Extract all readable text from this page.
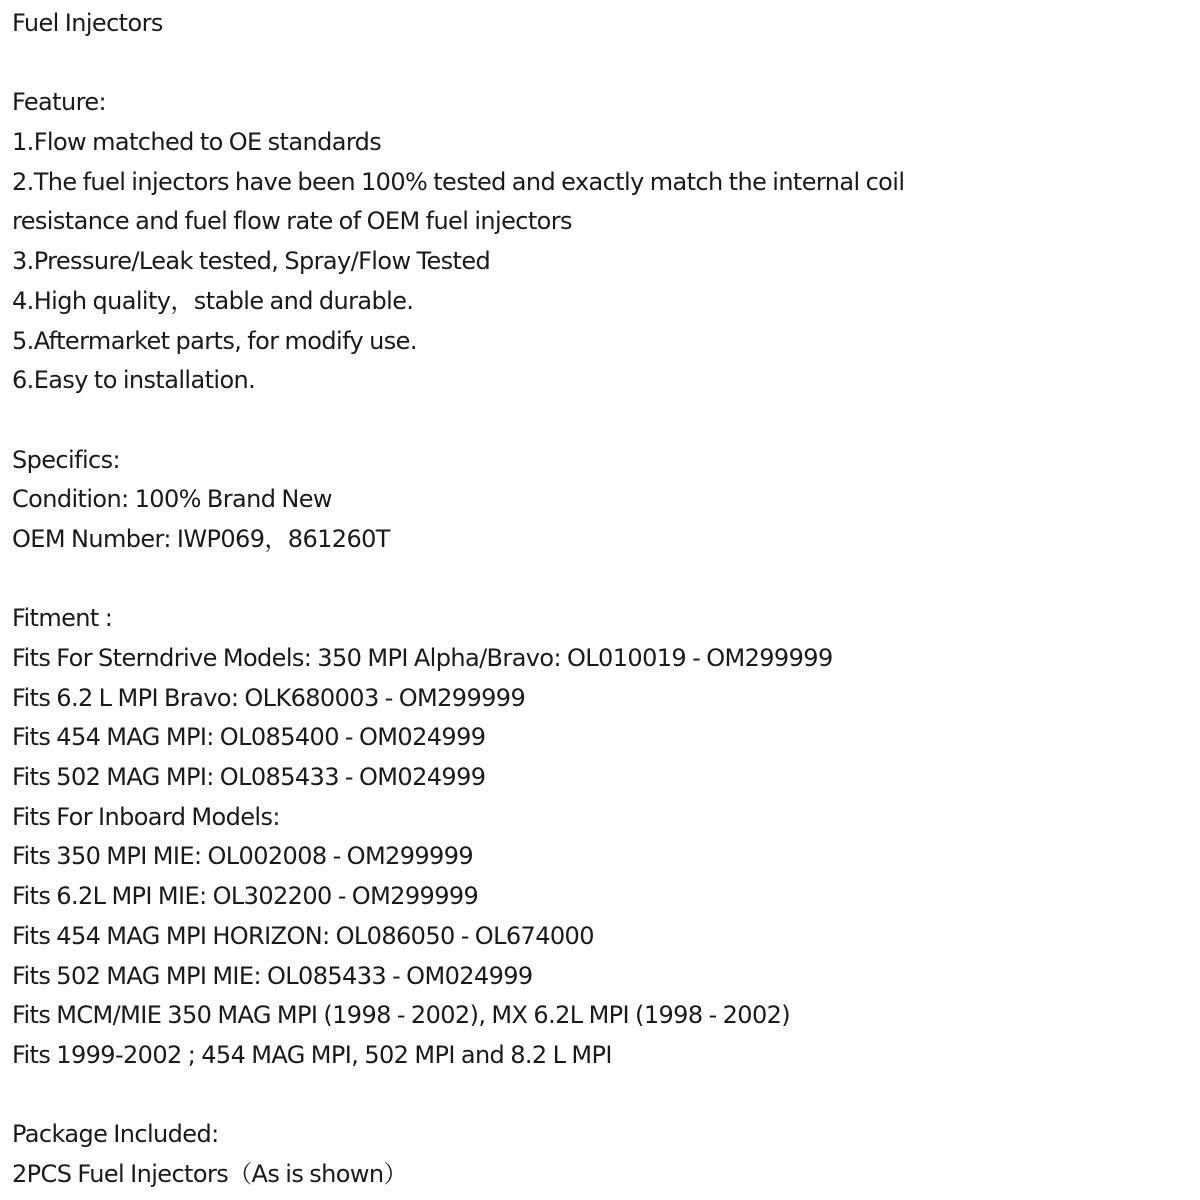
Fuel Injectors
Feature:
1.Flow matched to OE standards
2.The fuel injectors have been 100% tested and exactly match the internal coil
resistance and fuel flow rate of OEM fuel injectors
3.Pressure/Leak tested, Spray/Flow Tested
4.High quality，stable and durable.
5.Aftermarket parts, for modify use.
6.Easy to installation.
Specifics:
Condition: 100% Brand New
OEM Number: IWP069，861260T
Fitment :
Fits For Sterndrive Models: 350 MPI Alpha/Bravo: OL010019 - OM299999
Fits 6.2 L MPI Bravo: OLK680003 - OM299999
Fits 454 MAG MPI: OL085400 - OM024999
Fits 502 MAG MPI: OL085433 - OM024999
Fits For Inboard Models:
Fits 350 MPI MIE: OL002008 - OM299999
Fits 6.2L MPI MIE: OL302200 - OM299999
Fits 454 MAG MPI HORIZON: OL086050 - OL674000
Fits 502 MAG MPI MIE: OL085433 - OM024999
Fits MCM/MIE 350 MAG MPI (1998 - 2002), MX 6.2L MPI (1998 - 2002)
Fits 1999-2002 ; 454 MAG MPI, 502 MPI and 8.2 L MPI
Package Included:
2PCS Fuel Injectors（As is shown）
